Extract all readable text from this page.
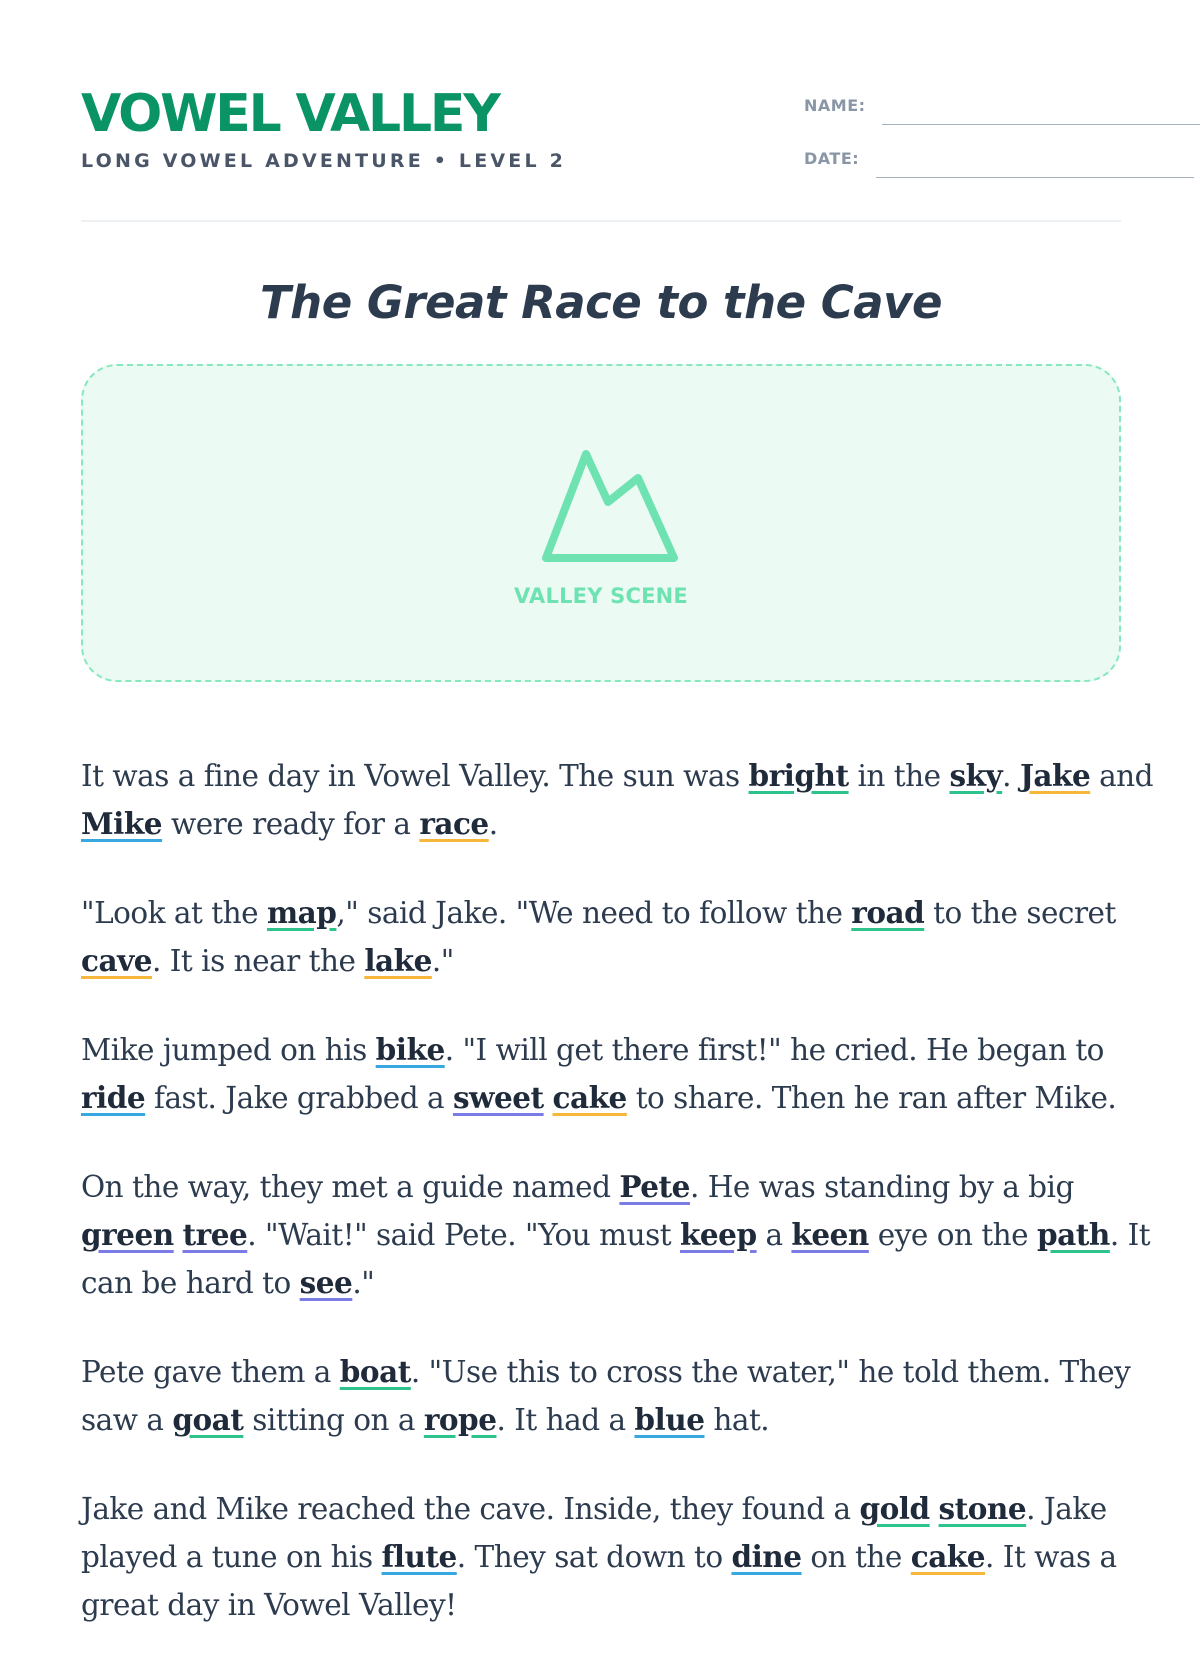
VOWEL VALLEY
LONG VOWEL ADVENTURE • LEVEL 2
NAME:
DATE:
The Great Race to the Cave
VALLEY SCENE

It was a fine day in Vowel Valley. The sun was bright in the sky. Jake and
Mike were ready for a race.

"Look at the map," said Jake. "We need to follow the road to the secret
cave. It is near the lake."

Mike jumped on his bike. "I will get there first!" he cried. He began to
ride fast. Jake grabbed a sweet cake to share. Then he ran after Mike.

On the way, they met a guide named Pete. He was standing by a big
green tree. "Wait!" said Pete. "You must keep a keen eye on the path. It
can be hard to see."

Pete gave them a boat. "Use this to cross the water," he told them. They
saw a goat sitting on a rope. It had a blue hat.

Jake and Mike reached the cave. Inside, they found a gold stone. Jake
played a tune on his flute. They sat down to dine on the cake. It was a
great day in Vowel Valley!
